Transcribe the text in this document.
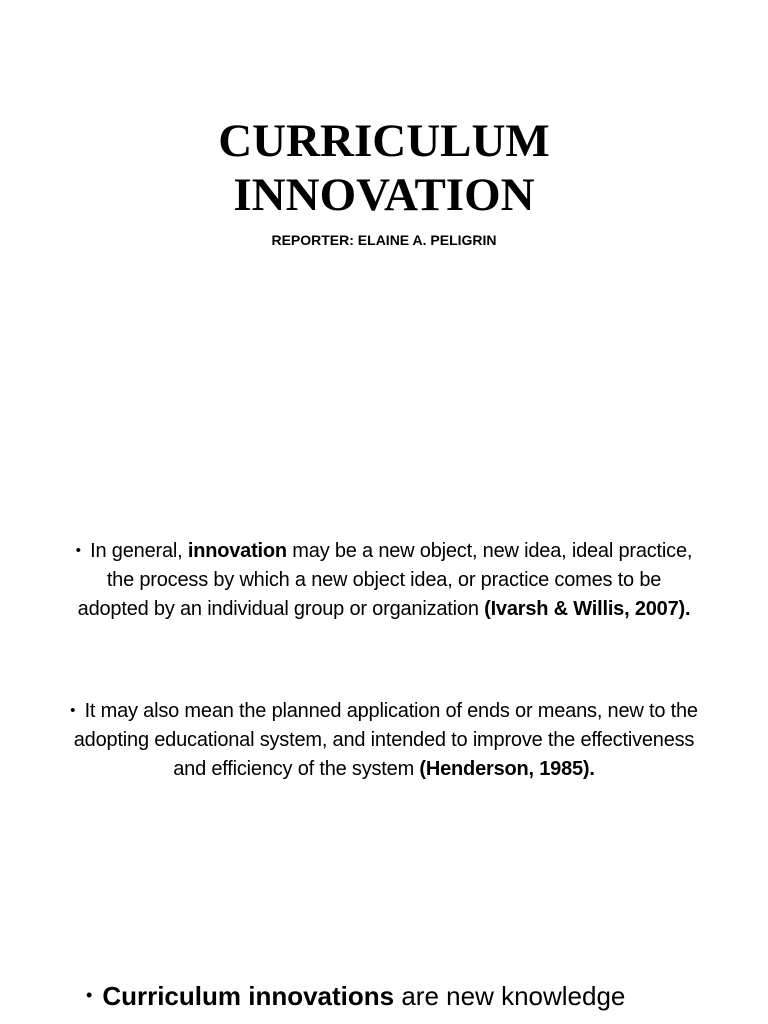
CURRICULUM
INNOVATION

REPORTER: ELAINE A. PELIGRIN

• In general, innovation may be a new object, new idea, ideal practice, the process by which a new object idea, or practice comes to be adopted by an individual group or organization (Ivarsh & Willis, 2007).

• It may also mean the planned application of ends or means, new to the adopting educational system, and intended to improve the effectiveness and efficiency of the system (Henderson, 1985).

• Curriculum innovations are new knowledge
